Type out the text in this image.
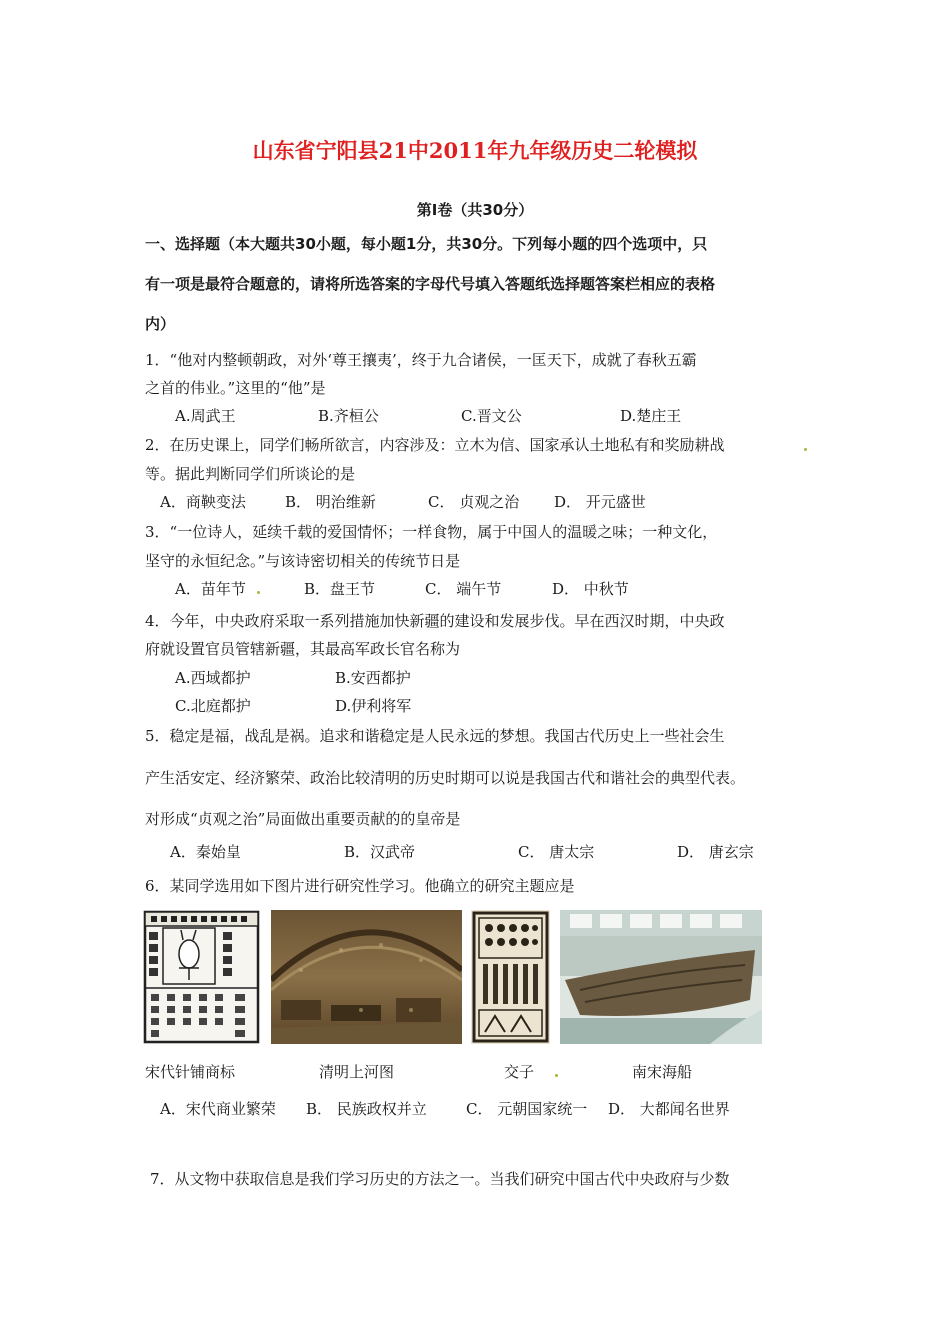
山东省宁阳县21中2011年九年级历史二轮模拟
第Ⅰ卷（共30分）
一、选择题（本大题共30小题，每小题1分，共30分。下列每小题的四个选项中，只
有一项是最符合题意的，请将所选答案的字母代号填入答题纸选择题答案栏相应的表格
内）
1．“他对内整顿朝政，对外‘尊王攘夷’，终于九合诸侯，一匡天下，成就了春秋五霸
之首的伟业。”这里的“他”是
A.周武王	B.齐桓公	C.晋文公	D.楚庄王
2．在历史课上，同学们畅所欲言，内容涉及：立木为信、国家承认土地私有和奖励耕战
等。据此判断同学们所谈论的是
A．商鞅变法	B． 明治维新	C． 贞观之治 D． 开元盛世
3．“一位诗人，延续千载的爱国情怀；一样食物，属于中国人的温暖之味；一种文化，
坚守的永恒纪念。”与该诗密切相关的传统节日是
A．苗年节	B．盘王节	C． 端午节	D． 中秋节
4．今年，中央政府采取一系列措施加快新疆的建设和发展步伐。早在西汉时期，中央政
府就设置官员管辖新疆，其最高军政长官名称为
A.西域都护	B.安西都护
C.北庭都护	D.伊利将军
5．稳定是福，战乱是祸。追求和谐稳定是人民永远的梦想。我国古代历史上一些社会生
产生活安定、经济繁荣、政治比较清明的历史时期可以说是我国古代和谐社会的典型代表。
对形成“贞观之治”局面做出重要贡献的的皇帝是
A．秦始皇	B．汉武帝	C． 唐太宗	D． 唐玄宗
6．某同学选用如下图片进行研究性学习。他确立的研究主题应是
宋代针铺商标	清明上河图	交子	南宋海船
A．宋代商业繁荣 B． 民族政权并立	C． 元朝国家统一 D． 大都闻名世界
7．从文物中获取信息是我们学习历史的方法之一。当我们研究中国古代中央政府与少数
